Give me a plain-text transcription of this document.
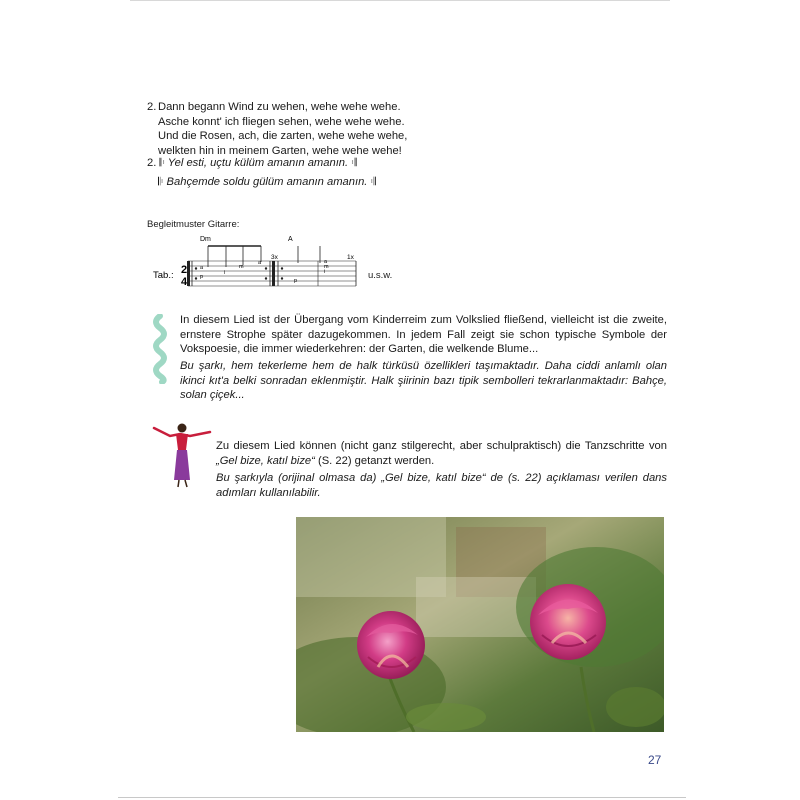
2. Dann begann Wind zu wehen, wehe wehe wehe.
Asche konnt' ich fliegen sehen, wehe wehe wehe.
Und die Rosen, ach, die zarten, wehe wehe wehe,
welkten hin in meinem Garten, wehe wehe wehe!
2. 𝄆 Yel esti, uçtu külüm amanın amanın. 𝄇
𝄆 Bahçemde soldu gülüm amanın amanın. 𝄇
Begleitmuster Gitarre:
Dm	A
2
4
a
p
i
m
a
3x
p
a
m
i
1x
Tab.:	u.s.w.
In diesem Lied ist der Übergang vom Kinderreim zum Volkslied fließend, vielleicht ist die zweite, ernstere Strophe später dazugekommen. In jedem Fall zeigt sie schon typische Symbole der Vokspoesie, die immer wiederkehren: der Garten, die welkende Blume...
Bu şarkı, hem tekerleme hem de halk türküsü özellikleri taşımaktadır. Daha ciddi anlamlı olan ikinci kıt'a belki sonradan eklenmiştir. Halk şiirinin bazı tipik sembolleri tekrarlanmaktadır: Bahçe, solan çiçek...
Zu diesem Lied können (nicht ganz stilgerecht, aber schulpraktisch) die Tanzschritte von „Gel bize, katıl bize“ (S. 22) getanzt werden.
Bu şarkıyla (orijinal olmasa da) „Gel bize, katıl bize“ de (s. 22) açıklaması verilen dans adımları kullanılabilir.
27
